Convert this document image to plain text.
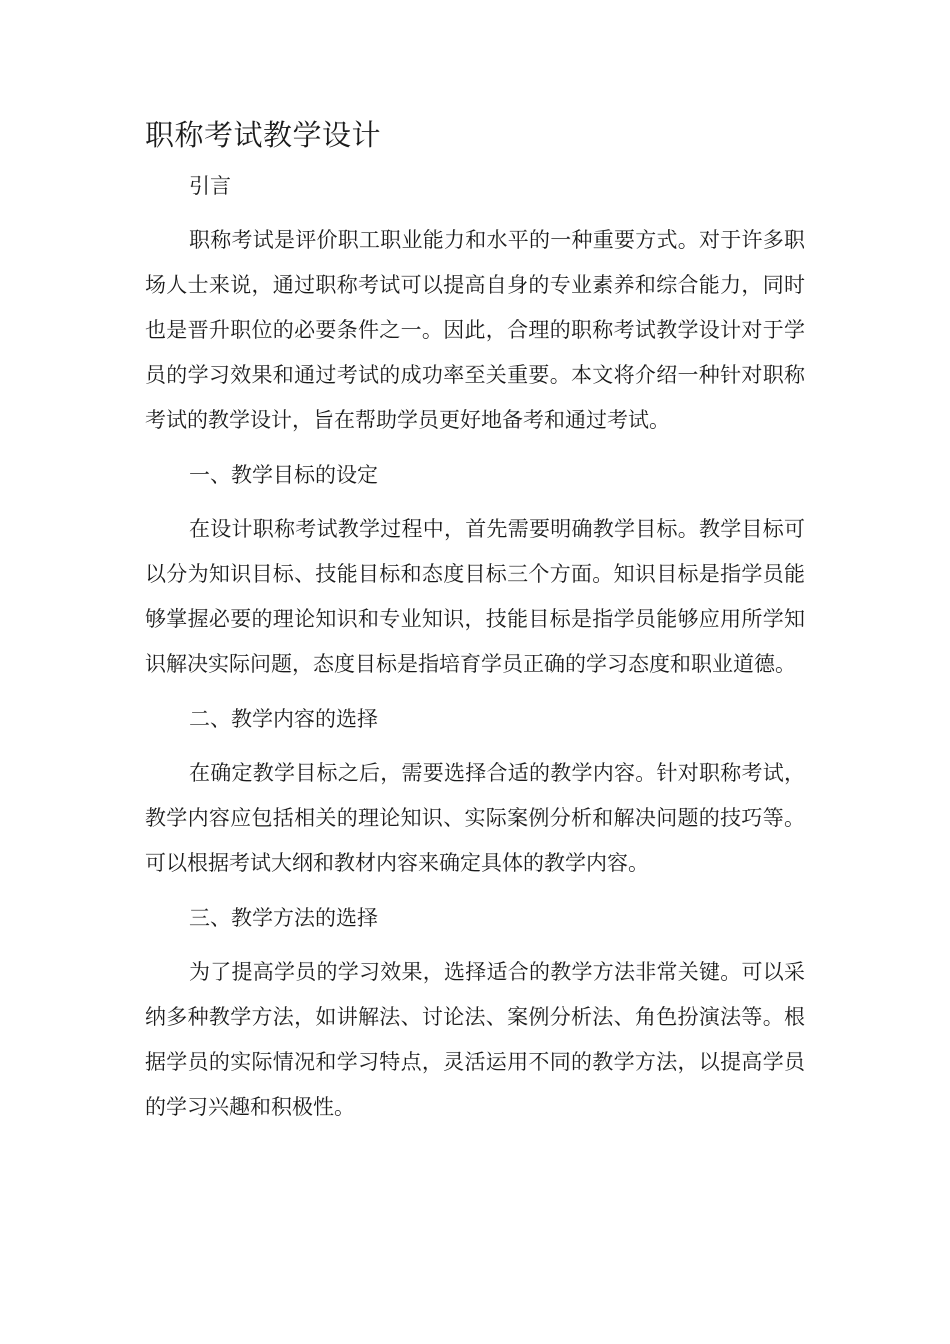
职称考试教学设计

引言

职称考试是评价职工职业能力和水平的一种重要方式。对于许多职场人士来说，通过职称考试可以提高自身的专业素养和综合能力，同时也是晋升职位的必要条件之一。因此，合理的职称考试教学设计对于学员的学习效果和通过考试的成功率至关重要。本文将介绍一种针对职称考试的教学设计，旨在帮助学员更好地备考和通过考试。

一、教学目标的设定

在设计职称考试教学过程中，首先需要明确教学目标。教学目标可以分为知识目标、技能目标和态度目标三个方面。知识目标是指学员能够掌握必要的理论知识和专业知识，技能目标是指学员能够应用所学知识解决实际问题，态度目标是指培育学员正确的学习态度和职业道德。

二、教学内容的选择

在确定教学目标之后，需要选择合适的教学内容。针对职称考试，教学内容应包括相关的理论知识、实际案例分析和解决问题的技巧等。可以根据考试大纲和教材内容来确定具体的教学内容。

三、教学方法的选择

为了提高学员的学习效果，选择适合的教学方法非常关键。可以采纳多种教学方法，如讲解法、讨论法、案例分析法、角色扮演法等。根据学员的实际情况和学习特点，灵活运用不同的教学方法，以提高学员的学习兴趣和积极性。
